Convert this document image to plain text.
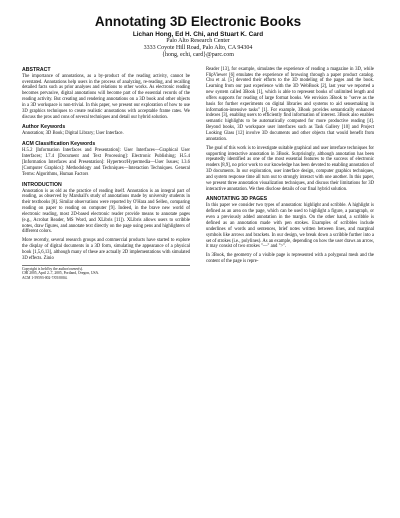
Annotating 3D Electronic Books

Lichan Hong, Ed H. Chi, and Stuart K. Card

Palo Alto Research Center

3333 Coyote Hill Road, Palo Alto, CA 94304

{hong, echi, card}@parc.com

ABSTRACT

The importance of annotations, as a by-product of the reading activity, cannot be overstated. Annotations help users in the process of analyzing, re-reading, and recalling detailed facts such as prior analyses and relations to other works. As electronic reading becomes pervasive, digital annotations will become part of the essential records of the reading activity. But creating and rendering annotations on a 3D book and other objects in a 3D workspace is non-trivial. In this paper, we present our exploration of how to use 3D graphics techniques to create realistic annotations with acceptable frame rates. We discuss the pros and cons of several techniques and detail our hybrid solution.

Author Keywords

Annotation; 3D Book; Digital Library; User Interface.

ACM Classification Keywords

H.5.2 [Information Interfaces and Presentation]: User Interfaces—Graphical User Interfaces; I.7.4 [Document and Text Processing]: Electronic Publishing; H.5.4 [Information Interfaces and Presentation]: Hypertext/Hypermedia—User Issues; I.3.6 [Computer Graphics]: Methodology and Techniques—Interaction Techniques. General Terms: Algorithms, Human Factors

INTRODUCTION

Annotation is as old as the practice of reading itself. Annotation is an integral part of reading, as observed by Marshall's study of annotations made by university students in their textbooks [8]. Similar observations were reported by O'Hara and Sellen, comparing reading on paper to reading on computer [9]. Indeed, in the brave new world of electronic reading, most 2D-based electronic reader provide means to annotate pages (e.g., Acrobat Reader, MS Word, and XLibris [11]). XLibris allows users to scribble notes, draw figures, and annotate text directly on the page using pens and highlighters of different colors.

More recently, several research groups and commercial products have started to explore the display of digital documents in a 3D form, simulating the appearance of a physical book [1,5,6,13], although many of these are actually 2D implementations with simulated 3D effects. Zinio

Copyright is held by the author/owner(s).

CHI 2005, April 2–7, 2005, Portland, Oregon, USA.

ACM 1-59593-002-7/05/0004.

Reader [13], for example, simulates the experience of reading a magazine in 3D, while FlipViewer [6] emulates the experience of browsing through a paper product catalog. Chu et al. [5] devoted their efforts to the 3D modeling of the pages and the book. Learning from our past experience with the 3D WebBook [2], last year we reported a new system called 3Book [1], which is able to represent books of unlimited length and offers supports for reading of large format books. We envision 3Book to "serve as the basis for further experiments on digital libraries and systems to aid sensemaking in information-intensive tasks" [1]. For example, 3Book provides semantically enhanced indexes [3], enabling users to efficiently find information of interest. 3Book also enables semantic highlights to be automatically computed for more productive reading [4]. Beyond books, 3D workspace user interfaces such as Task Gallery [10] and Project Looking Glass [12] involve 3D documents and other objects that would benefit from annotation.

The goal of this work is to investigate suitable graphical and user interface techniques for supporting interactive annotation in 3Book. Surprisingly, although annotation has been repeatedly identified as one of the most essential features to the success of electronic readers [8,9], no prior work to our knowledge has been devoted to enabling annotation of 3D documents. In our exploration, user interface design, computer graphics techniques, and system response time all turn out to strongly interact with one another. In this paper, we present three annotation visualization techniques, and discuss their limitations for 3D interactive annotation. We then disclose details of our final hybrid solution.

ANNOTATING 3D PAGES

In this paper we consider two types of annotation: highlight and scribble. A highlight is defined as an area on the page, which can be used to highlight a figure, a paragraph, or even a previously added annotation in the margin. On the other hand, a scribble is defined as an annotation made with pen strokes. Examples of scribbles include underlines of words and sentences, brief notes written between lines, and marginal symbols like arrows and brackets. In our design, we break down a scribble further into a set of strokes (i.e., polylines). As an example, depending on how the user draws an arrow, it may consist of two strokes "—" and ">".

In 3Book, the geometry of a visible page is represented with a polygonal mesh and the content of the page is repre-
